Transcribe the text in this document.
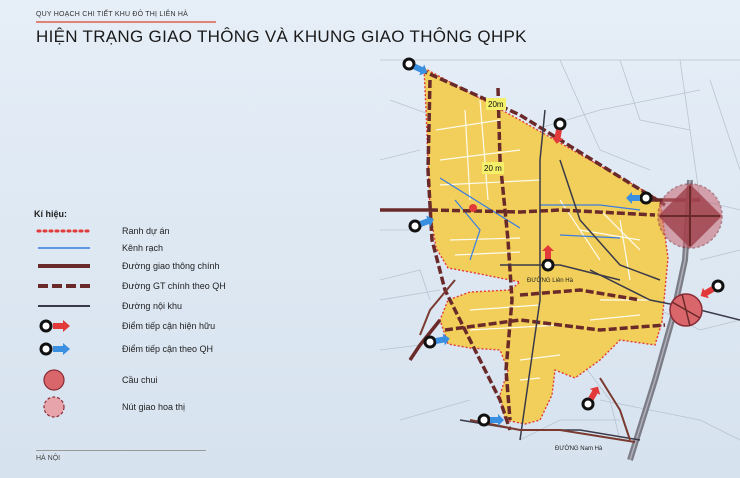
QUY HOẠCH CHI TIẾT KHU ĐÔ THỊ LIÊN HÀ
HIỆN TRẠNG GIAO THÔNG VÀ KHUNG GIAO THÔNG QHPK
20m
20 m
ĐƯỜNG Liên Hà
ĐƯỜNG Nam Hà
Kí hiệu:
Ranh dự án
Kênh rạch
Đường giao thông chính
Đường GT chính theo QH
Đường nội khu
Điểm tiếp cận hiện hữu
Điểm tiếp cận theo QH
Cầu chui
Nút giao hoa thị
HÀ NỘI
